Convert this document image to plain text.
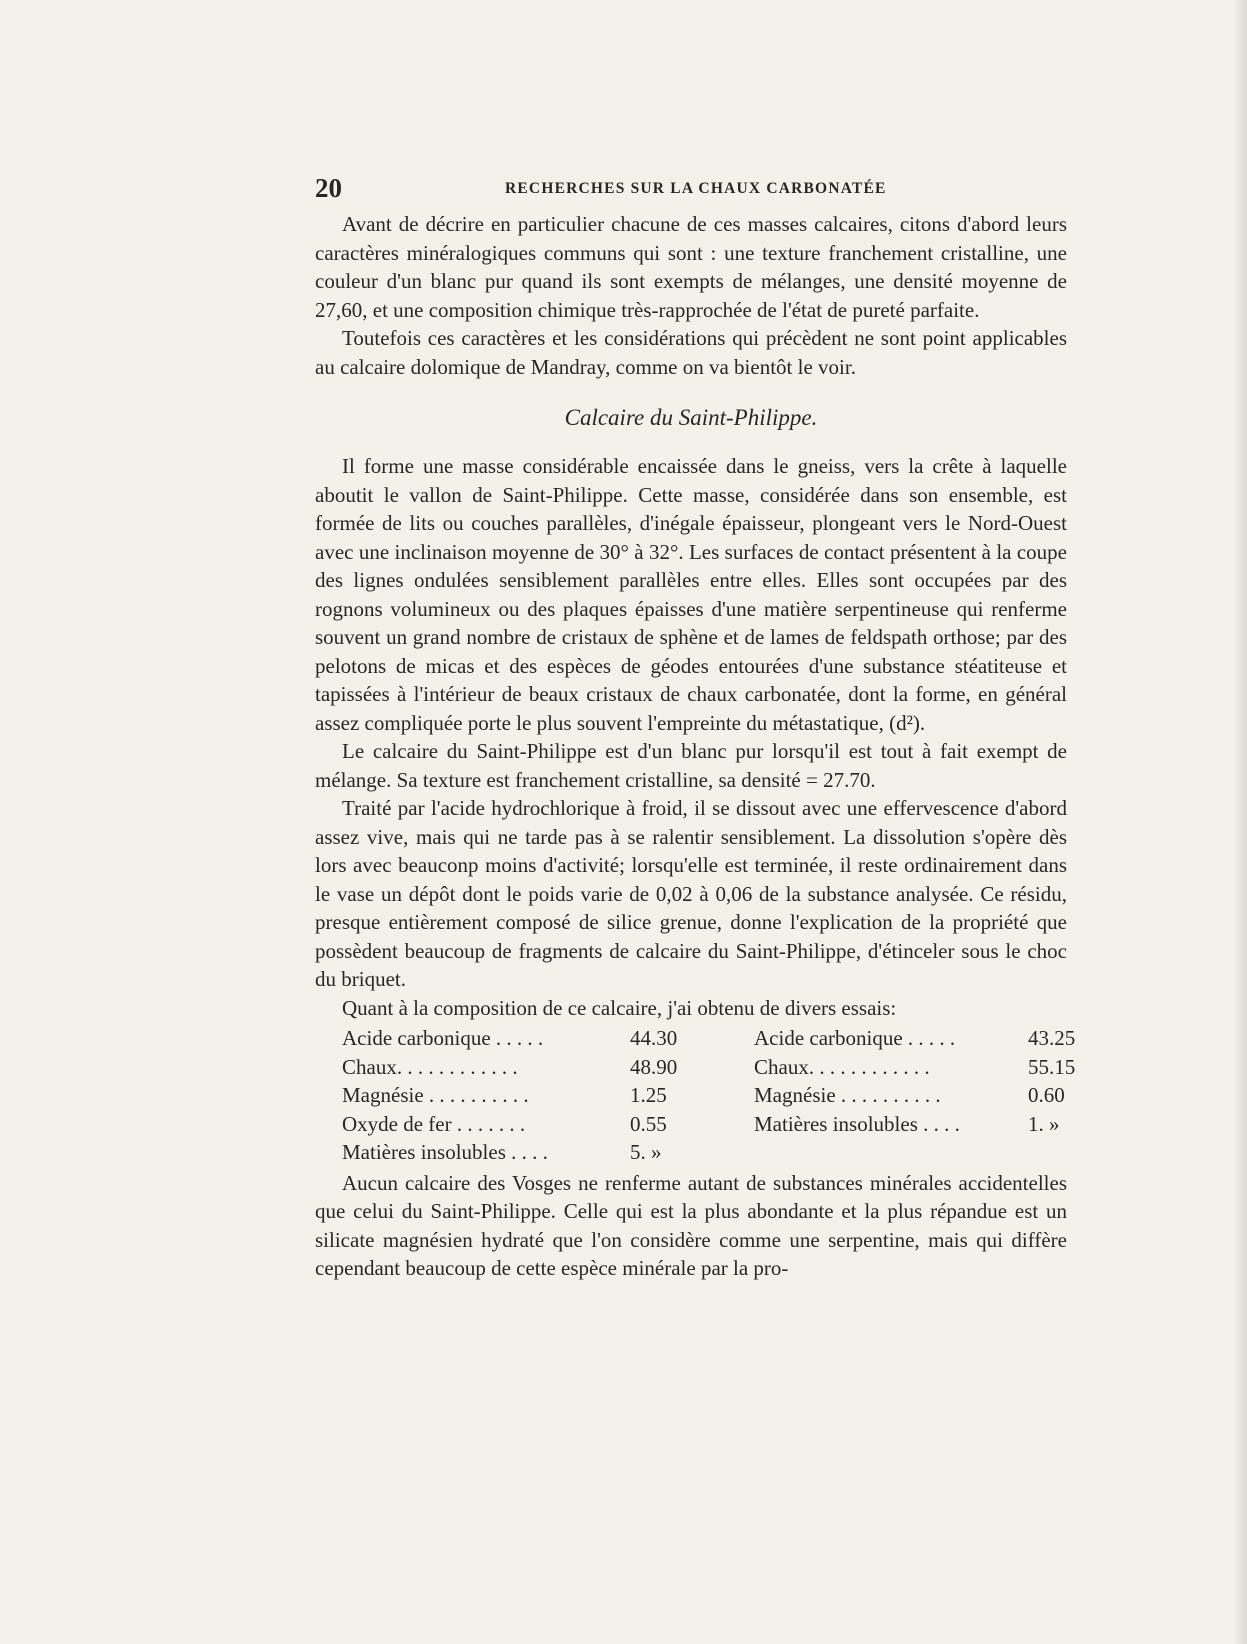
20	RECHERCHES SUR LA CHAUX CARBONATÉE

Avant de décrire en particulier chacune de ces masses calcaires, citons d'abord leurs caractères minéralogiques communs qui sont : une texture franchement cristalline, une couleur d'un blanc pur quand ils sont exempts de mélanges, une densité moyenne de 27,60, et une composition chimique très-rapprochée de l'état de pureté parfaite.

Toutefois ces caractères et les considérations qui précèdent ne sont point applicables au calcaire dolomique de Mandray, comme on va bientôt le voir.

Calcaire du Saint-Philippe.

Il forme une masse considérable encaissée dans le gneiss, vers la crête à laquelle aboutit le vallon de Saint-Philippe. Cette masse, considérée dans son ensemble, est formée de lits ou couches parallèles, d'inégale épaisseur, plongeant vers le Nord-Ouest avec une inclinaison moyenne de 30° à 32°. Les surfaces de contact présentent à la coupe des lignes ondulées sensiblement parallèles entre elles. Elles sont occupées par des rognons volumineux ou des plaques épaisses d'une matière serpentineuse qui renferme souvent un grand nombre de cristaux de sphène et de lames de feldspath orthose; par des pelotons de micas et des espèces de géodes entourées d'une substance stéatiteuse et tapissées à l'intérieur de beaux cristaux de chaux carbonatée, dont la forme, en général assez compliquée porte le plus souvent l'empreinte du métastatique, (d²).

Le calcaire du Saint-Philippe est d'un blanc pur lorsqu'il est tout à fait exempt de mélange. Sa texture est franchement cristalline, sa densité = 27.70.

Traité par l'acide hydrochlorique à froid, il se dissout avec une effervescence d'abord assez vive, mais qui ne tarde pas à se ralentir sensiblement. La dissolution s'opère dès lors avec beauconp moins d'activité; lorsqu'elle est terminée, il reste ordinairement dans le vase un dépôt dont le poids varie de 0,02 à 0,06 de la substance analysée. Ce résidu, presque entièrement composé de silice grenue, donne l'explication de la propriété que possèdent beaucoup de fragments de calcaire du Saint-Philippe, d'étinceler sous le choc du briquet.

Quant à la composition de ce calcaire, j'ai obtenu de divers essais:

Acide carbonique . . . . .	44.30
Chaux. . . . . . . . . . . .	48.90
Magnésie . . . . . . . . . .	1.25
Oxyde de fer . . . . . . .	0.55
Matières insolubles . . . .	5. »
Acide carbonique . . . . .	43.25
Chaux. . . . . . . . . . . .	55.15
Magnésie . . . . . . . . . .	0.60
Matières insolubles . . . .	1. »

Aucun calcaire des Vosges ne renferme autant de substances minérales accidentelles que celui du Saint-Philippe. Celle qui est la plus abondante et la plus répandue est un silicate magnésien hydraté que l'on considère comme une serpentine, mais qui diffère cependant beaucoup de cette espèce minérale par la pro-
